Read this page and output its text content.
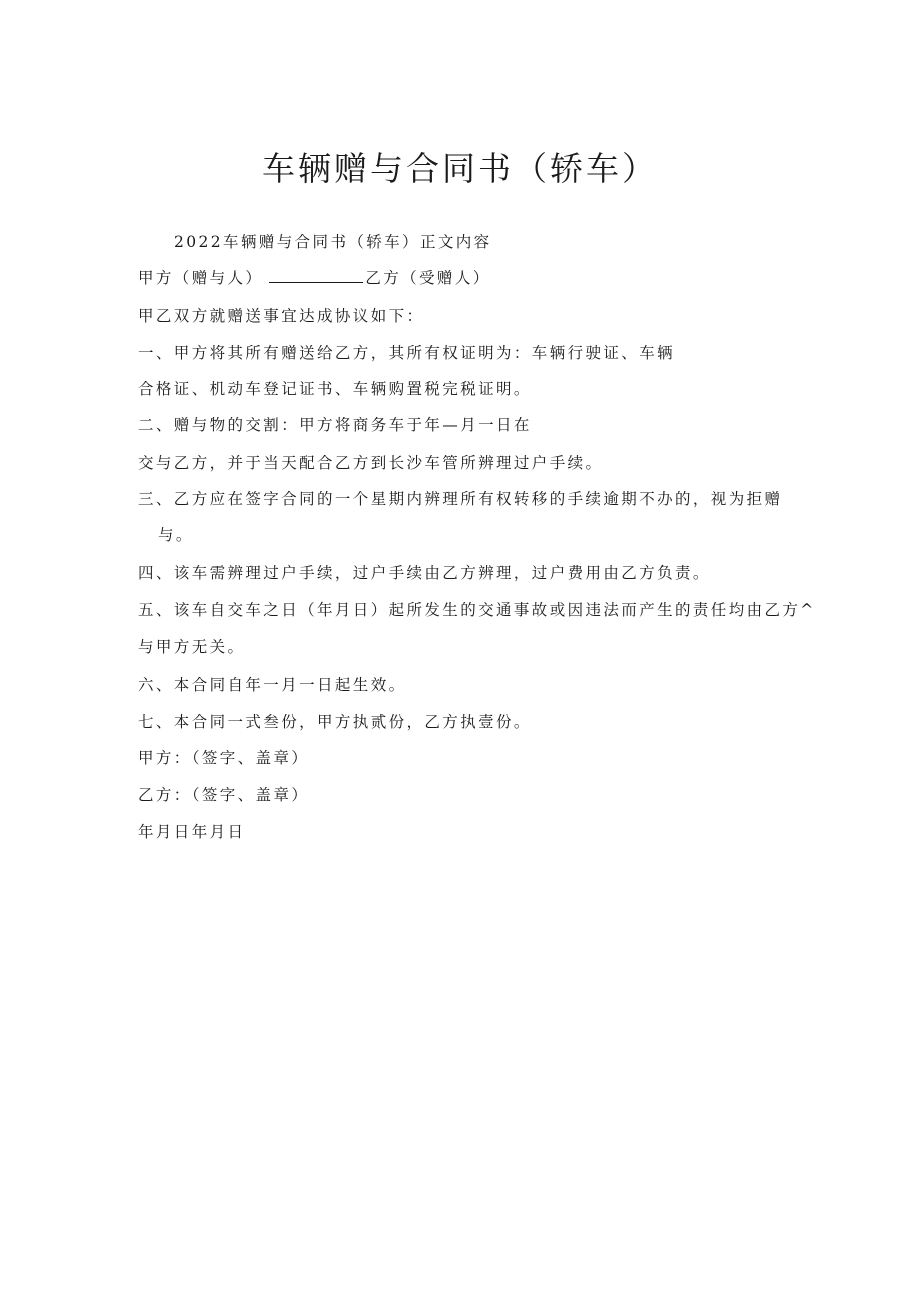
车辆赠与合同书（轿车）
2022车辆赠与合同书（轿车）正文内容
甲方（赠与人）	乙方（受赠人）
甲乙双方就赠送事宜达成协议如下：
一、甲方将其所有赠送给乙方，其所有权证明为：车辆行驶证、车辆
合格证、机动车登记证书、车辆购置税完税证明。
二、赠与物的交割：甲方将商务车于年—月一日在
交与乙方，并于当天配合乙方到长沙车管所辨理过户手续。
三、乙方应在签字合同的一个星期内辨理所有权转移的手续逾期不办的，视为拒赠
与。
四、该车需辨理过户手续，过户手续由乙方辨理，过户费用由乙方负责。
五、该车自交车之日（年月日）起所发生的交通事故或因违法而产生的责任均由乙方^
与甲方无关。
六、本合同自年一月一日起生效。
七、本合同一式叁份，甲方执贰份，乙方执壹份。
甲方：（签字、盖章）
乙方：（签字、盖章）
年月日年月日
